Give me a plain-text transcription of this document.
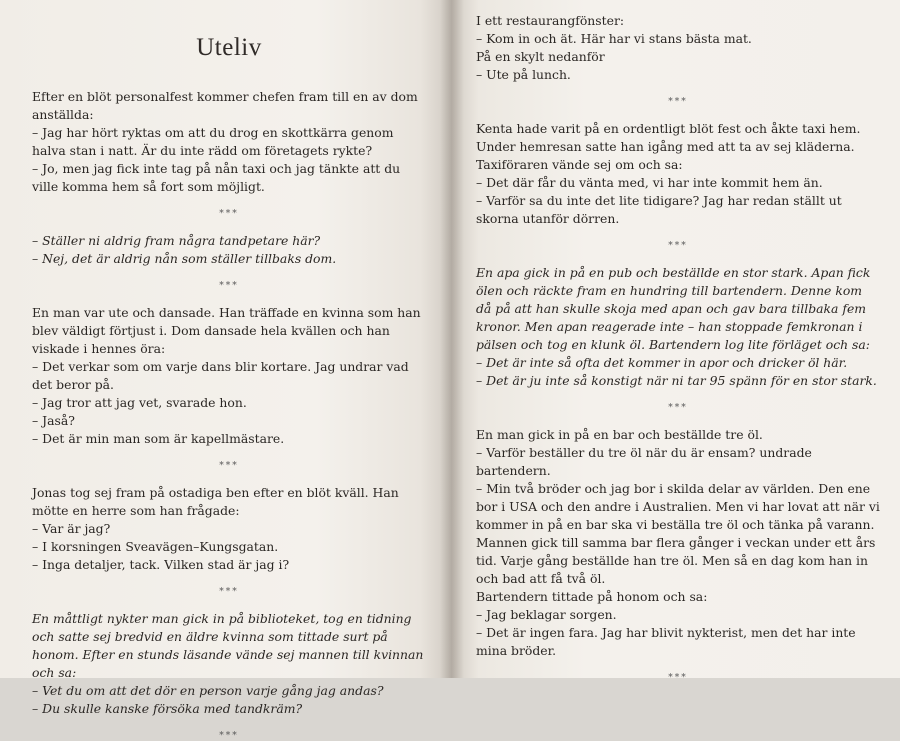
Uteliv

Efter en blöt personalfest kommer chefen fram till en av dom anställda:

– Jag har hört ryktas om att du drog en skottkärra genom halva stan i natt. Är du inte rädd om företagets rykte?

– Jo, men jag fick inte tag på nån taxi och jag tänkte att du ville komma hem så fort som möjligt.

***

– Ställer ni aldrig fram några tandpetare här?

– Nej, det är aldrig nån som ställer tillbaks dom.

***

En man var ute och dansade. Han träffade en kvinna som han blev väldigt förtjust i. Dom dansade hela kvällen och han viskade i hennes öra:

– Det verkar som om varje dans blir kortare. Jag undrar vad det beror på.

– Jag tror att jag vet, svarade hon.

– Jaså?

– Det är min man som är kapellmästare.

***

Jonas tog sej fram på ostadiga ben efter en blöt kväll. Han mötte en herre som han frågade:

– Var är jag?

– I korsningen Sveavägen–Kungsgatan.

– Inga detaljer, tack. Vilken stad är jag i?

***

En måttligt nykter man gick in på biblioteket, tog en tidning och satte sej bredvid en äldre kvinna som tittade surt på honom. Efter en stunds läsande vände sej mannen till kvinnan och sa:

– Vet du om att det dör en person varje gång jag andas?

– Du skulle kanske försöka med tandkräm?

***

I ett restaurangfönster:

– Kom in och ät. Här har vi stans bästa mat.

På en skylt nedanför

– Ute på lunch.

***

Kenta hade varit på en ordentligt blöt fest och åkte taxi hem. Under hemresan satte han igång med att ta av sej kläderna. Taxiföraren vände sej om och sa:

– Det där får du vänta med, vi har inte kommit hem än.

– Varför sa du inte det lite tidigare? Jag har redan ställt ut skorna utanför dörren.

***

En apa gick in på en pub och beställde en stor stark. Apan fick ölen och räckte fram en hundring till bartendern. Denne kom då på att han skulle skoja med apan och gav bara tillbaka fem kronor. Men apan reagerade inte – han stoppade femkronan i pälsen och tog en klunk öl. Bartendern log lite förläget och sa:

– Det är inte så ofta det kommer in apor och dricker öl här.

– Det är ju inte så konstigt när ni tar 95 spänn för en stor stark.

***

En man gick in på en bar och beställde tre öl.

– Varför beställer du tre öl när du är ensam? undrade bartendern.

– Min två bröder och jag bor i skilda delar av världen. Den ene bor i USA och den andre i Australien. Men vi har lovat att när vi kommer in på en bar ska vi beställa tre öl och tänka på varann.

Mannen gick till samma bar flera gånger i veckan under ett års tid. Varje gång beställde han tre öl. Men så en dag kom han in och bad att få två öl.

Bartendern tittade på honom och sa:

– Jag beklagar sorgen.

– Det är ingen fara. Jag har blivit nykterist, men det har inte mina bröder.

***
